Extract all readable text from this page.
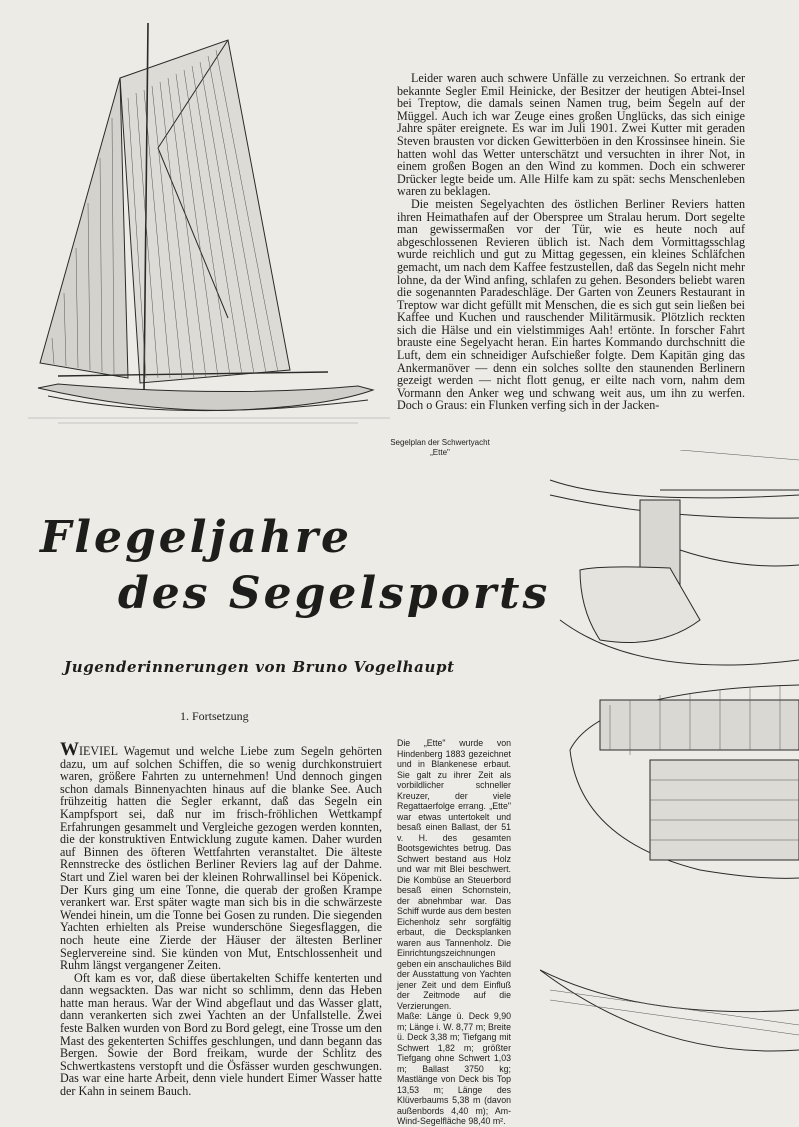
Leider waren auch schwere Unfälle zu verzeichnen. So ertrank der bekannte Segler Emil Heinicke, der Besitzer der heutigen Abtei-Insel bei Treptow, die damals seinen Namen trug, beim Segeln auf der Müggel. Auch ich war Zeuge eines großen Unglücks, das sich einige Jahre später ereignete. Es war im Juli 1901. Zwei Kutter mit geraden Steven brausten vor dicken Gewitterböen in den Krossinsee hinein. Sie hatten wohl das Wetter unterschätzt und versuchten in ihrer Not, in einem großen Bogen an den Wind zu kommen. Doch ein schwerer Drücker legte beide um. Alle Hilfe kam zu spät: sechs Menschenleben waren zu beklagen.

Die meisten Segelyachten des östlichen Berliner Reviers hatten ihren Heimathafen auf der Oberspree um Stralau herum. Dort segelte man gewissermaßen vor der Tür, wie es heute noch auf abgeschlossenen Revieren üblich ist. Nach dem Vormittagsschlag wurde reichlich und gut zu Mittag gegessen, ein kleines Schläfchen gemacht, um nach dem Kaffee festzustellen, daß das Segeln nicht mehr lohne, da der Wind anfing, schlafen zu gehen. Besonders beliebt waren die sogenannten Paradeschläge. Der Garten von Zeuners Restaurant in Treptow war dicht gefüllt mit Menschen, die es sich gut sein ließen bei Kaffee und Kuchen und rauschender Militärmusik. Plötzlich reckten sich die Hälse und ein vielstimmiges Aah! ertönte. In forscher Fahrt brauste eine Segelyacht heran. Ein hartes Kommando durchschnitt die Luft, dem ein schneidiger Aufschießer folgte. Dem Kapitän ging das Ankermanöver — denn ein solches sollte den staunenden Berlinern gezeigt werden — nicht flott genug, er eilte nach vorn, nahm dem Vormann den Anker weg und schwang weit aus, um ihn zu werfen. Doch o Graus: ein Flunken verfing sich in der Jacken-

Segelplan der Schwertyacht
„Ette"
Flegeljahre
des Segelsports
Jugenderinnerungen von Bruno Vogelhaupt
1. Fortsetzung

WIEVIEL Wagemut und welche Liebe zum Segeln gehörten dazu, um auf solchen Schiffen, die so wenig durchkonstruiert waren, größere Fahrten zu unternehmen! Und dennoch gingen schon damals Binnenyachten hinaus auf die blanke See. Auch frühzeitig hatten die Segler erkannt, daß das Segeln ein Kampfsport sei, daß nur im frisch-fröhlichen Wettkampf Erfahrungen gesammelt und Vergleiche gezogen werden konnten, die der konstruktiven Entwicklung zugute kamen. Daher wurden auf Binnen des öfteren Wettfahrten veranstaltet. Die älteste Rennstrecke des östlichen Berliner Reviers lag auf der Dahme. Start und Ziel waren bei der kleinen Rohrwallinsel bei Köpenick. Der Kurs ging um eine Tonne, die querab der großen Krampe verankert war. Erst später wagte man sich bis in die schwärzeste Wendei hinein, um die Tonne bei Gosen zu runden. Die siegenden Yachten erhielten als Preise wunderschöne Siegesflaggen, die noch heute eine Zierde der Häuser der ältesten Berliner Seglervereine sind. Sie künden von Mut, Entschlossenheit und Ruhm längst vergangener Zeiten.

Oft kam es vor, daß diese übertakelten Schiffe kenterten und dann wegsackten. Das war nicht so schlimm, denn das Heben hatte man heraus. War der Wind abgeflaut und das Wasser glatt, dann verankerten sich zwei Yachten an der Unfallstelle. Zwei feste Balken wurden von Bord zu Bord gelegt, eine Trosse um den Mast des gekenterten Schiffes geschlungen, und dann begann das Bergen. Sowie der Bord freikam, wurde der Schlitz des Schwertkastens verstopft und die Ösfässer wurden geschwungen. Das war eine harte Arbeit, denn viele hundert Eimer Wasser hatte der Kahn in seinem Bauch.

Die „Ette" wurde von Hindenberg 1883 gezeichnet und in Blankenese erbaut. Sie galt zu ihrer Zeit als vorbildlicher schneller Kreuzer, der viele Regattaerfolge errang. „Ette" war etwas untertokelt und besaß einen Ballast, der 51 v. H. des gesamten Bootsgewichtes betrug. Das Schwert bestand aus Holz und war mit Blei beschwert. Die Kombüse an Steuerbord besaß einen Schornstein, der abnehmbar war. Das Schiff wurde aus dem besten Eichenholz sehr sorgfältig erbaut, die Decksplanken waren aus Tannenholz. Die Einrichtungszeichnungen geben ein anschauliches Bild der Ausstattung von Yachten jener Zeit und dem Einfluß der Zeitmode auf die Verzierungen.

Maße: Länge ü. Deck 9,90 m; Länge i. W. 8,77 m; Breite ü. Deck 3,38 m; Tiefgang mit Schwert 1,82 m; größter Tiefgang ohne Schwert 1,03 m; Ballast 3750 kg; Mastlänge von Deck bis Top 13,53 m; Länge des Klüverbaums 5,38 m (davon außenbords 4,40 m); Am-Wind-Segelfläche 98,40 m².
